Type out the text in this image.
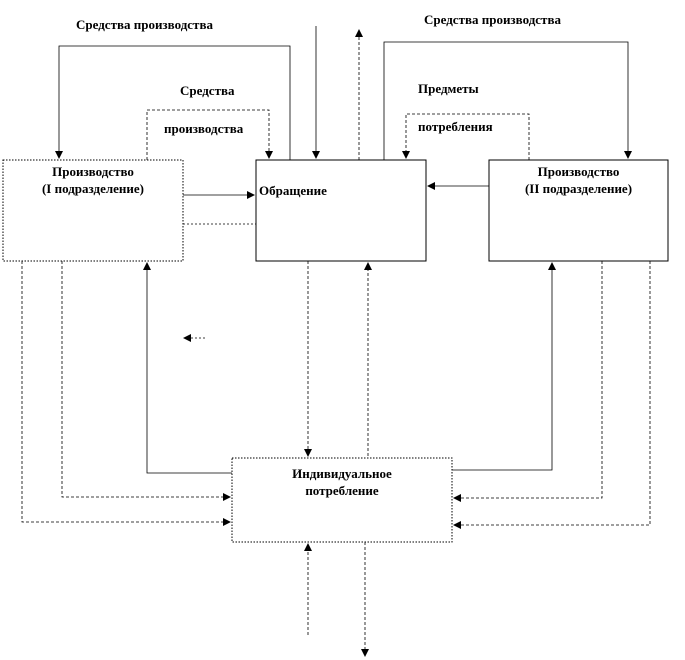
Средства производства	Средства производства
Средства
производства
Предметы
потребления
Производство
(I подразделение)	Обращение
Производство
(II подразделение)
Индивидуальное
потребление
